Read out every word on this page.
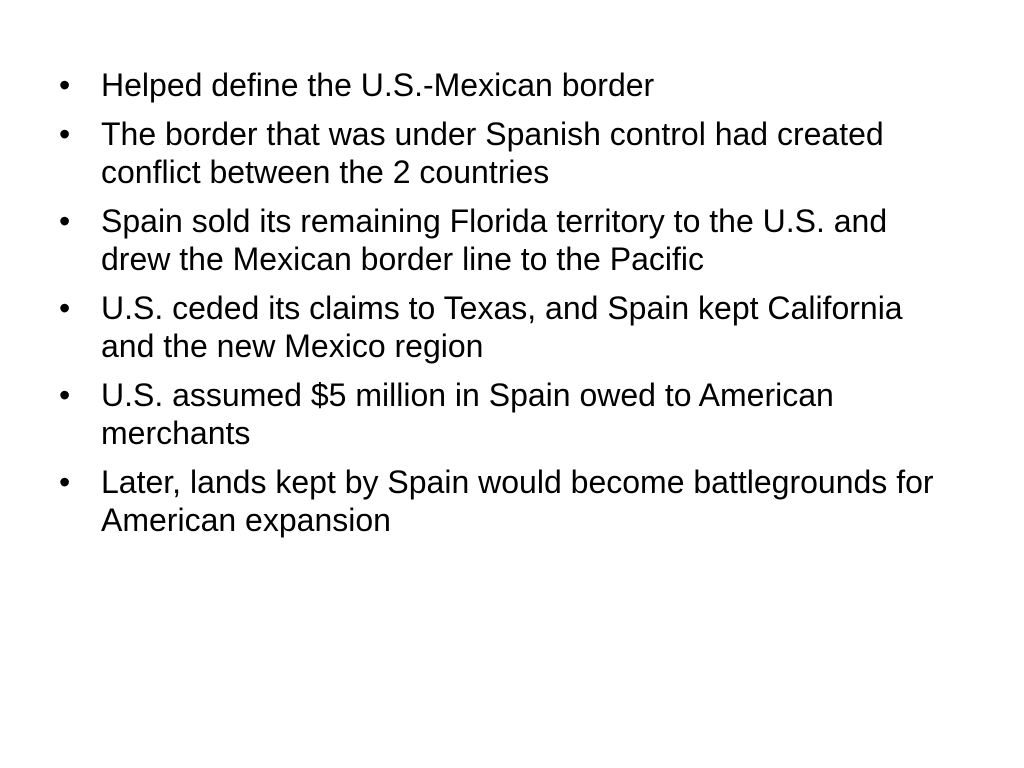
• Helped define the U.S.-Mexican border
• The border that was under Spanish control had created conflict between the 2 countries
• Spain sold its remaining Florida territory to the U.S. and drew the Mexican border line to the Pacific
• U.S. ceded its claims to Texas, and Spain kept California and the new Mexico region
• U.S. assumed $5 million in Spain owed to American merchants
• Later, lands kept by Spain would become battlegrounds for American expansion
